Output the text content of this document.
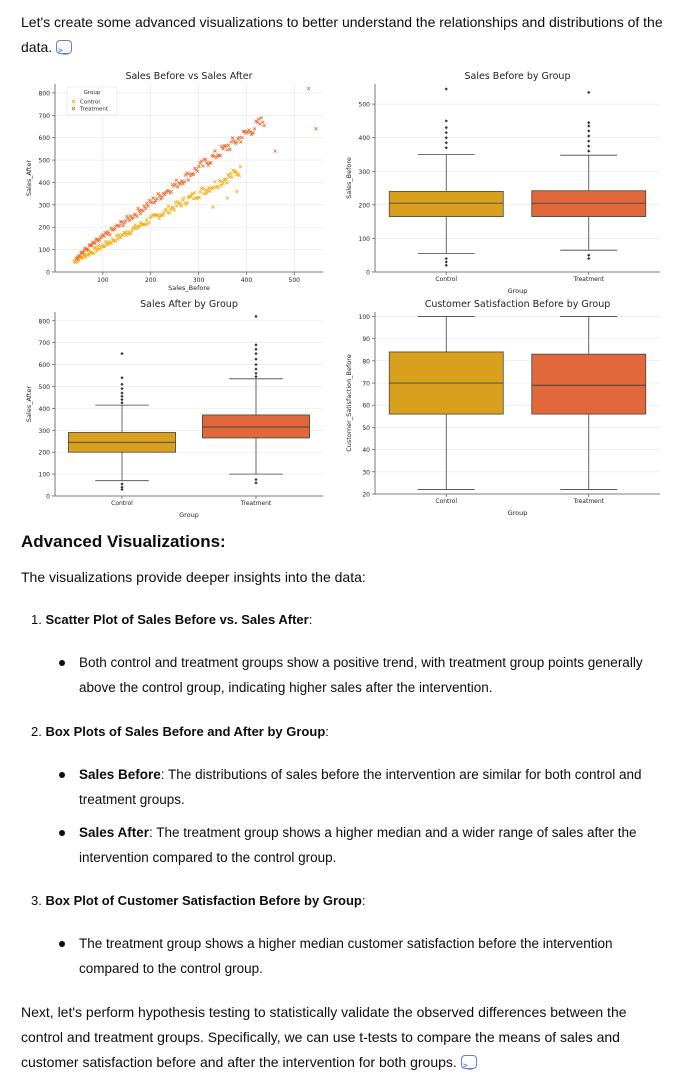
Let's create some advanced visualizations to better understand the relationships and distributions of the data.>_
0
100
200
300
400
500
600
700
800
Sales Before vs Sales After
Sales_Before
Sales_After
100	200	300	400	500
Group
Control
Treatment
0
100
200
300
400
500
Sales Before by Group
Group
Sales_Before
Control	Treatment
0
100
200
300
400
500
600
700
800
Sales After by Group
Group
Sales_After
Control	Treatment
20
30
40
50
60
70
80
90
100
Customer Satisfaction Before by Group
Group
Customer_Satisfaction_Before
Control	Treatment
Advanced Visualizations:
The visualizations provide deeper insights into the data:
1. Scatter Plot of Sales Before vs. Sales After:
Both control and treatment groups show a positive trend, with treatment group points generally above the control group, indicating higher sales after the intervention.
2. Box Plots of Sales Before and After by Group:
Sales Before: The distributions of sales before the intervention are similar for both control and treatment groups.
Sales After: The treatment group shows a higher median and a wider range of sales after the intervention compared to the control group.
3. Box Plot of Customer Satisfaction Before by Group:
The treatment group shows a higher median customer satisfaction before the intervention compared to the control group.
Next, let's perform hypothesis testing to statistically validate the observed differences between the control and treatment groups. Specifically, we can use t-tests to compare the means of sales and customer satisfaction before and after the intervention for both groups.>_
